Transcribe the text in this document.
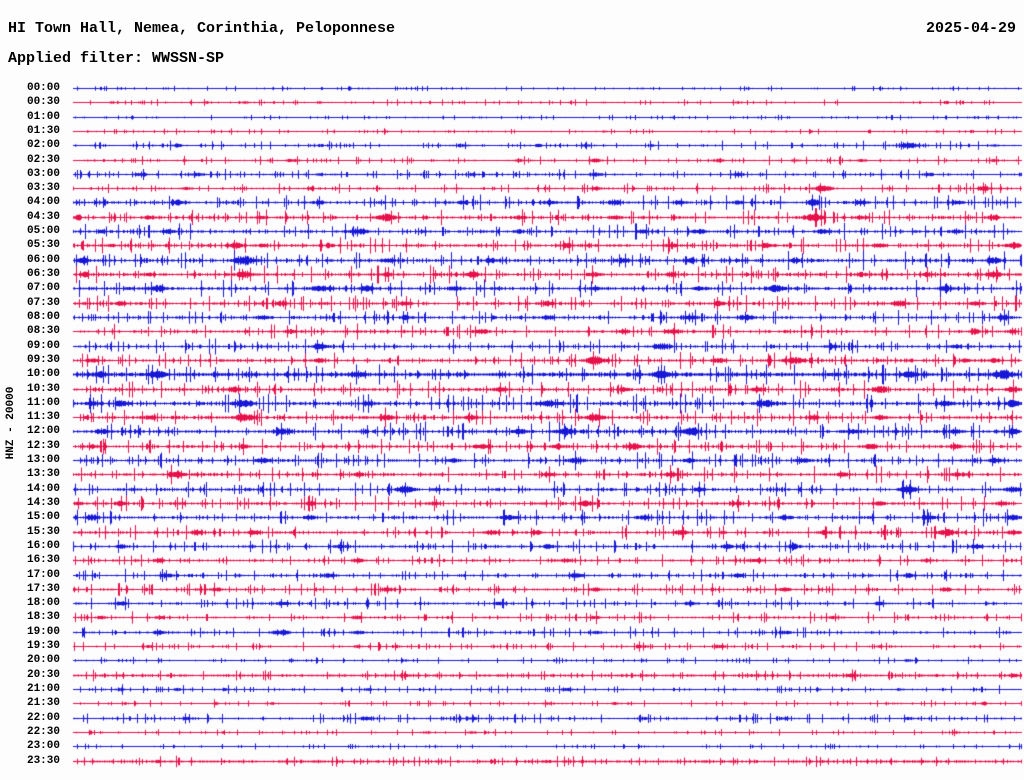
HI Town Hall, Nemea, Corinthia, Peloponnese	2025-04-29
Applied filter: WWSSN-SP
HNZ - 20000
00:00
00:30
01:00
01:30
02:00
02:30
03:00
03:30
04:00
04:30
05:00
05:30
06:00
06:30
07:00
07:30
08:00
08:30
09:00
09:30
10:00
10:30
11:00
11:30
12:00
12:30
13:00
13:30
14:00
14:30
15:00
15:30
16:00
16:30
17:00
17:30
18:00
18:30
19:00
19:30
20:00
20:30
21:00
21:30
22:00
22:30
23:00
23:30
